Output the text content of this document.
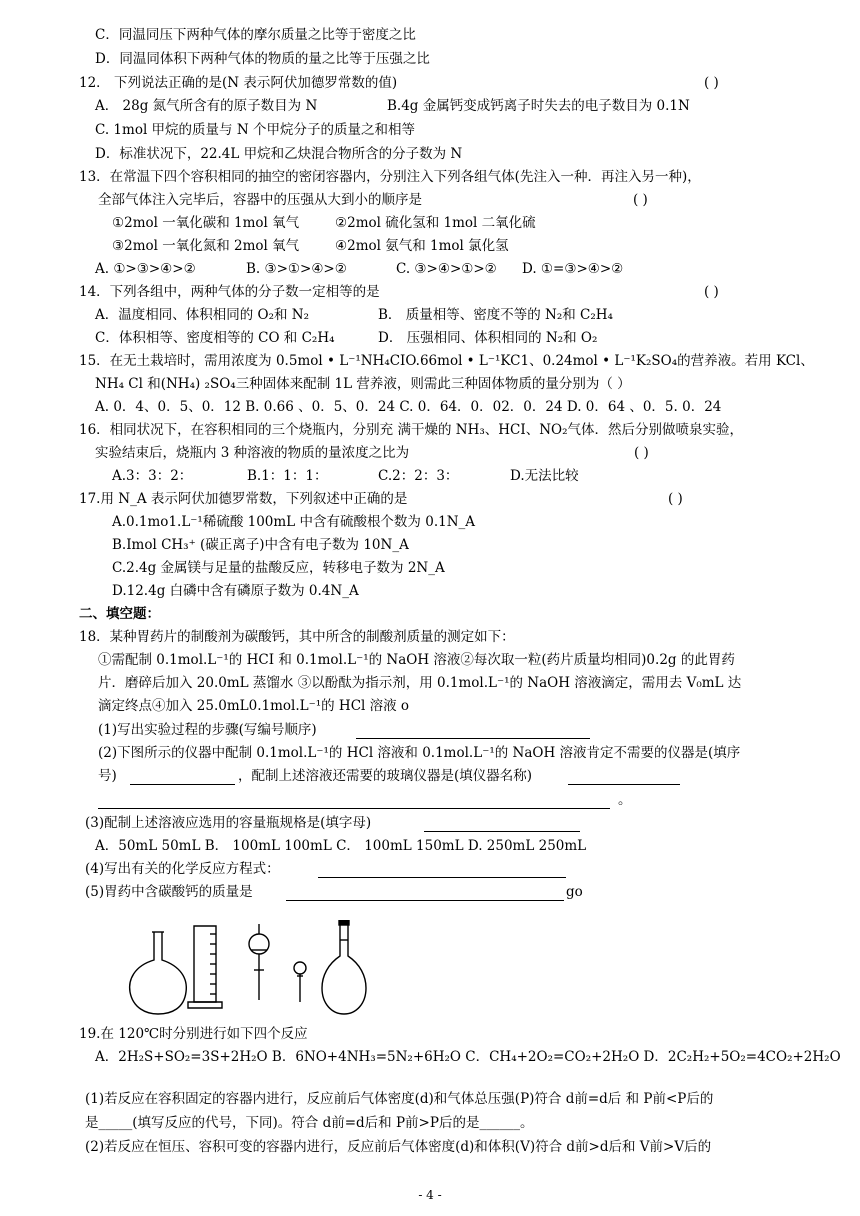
C．同温同压下两种气体的摩尔质量之比等于密度之比
D．同温同体积下两种气体的物质的量之比等于压强之比
12． 下列说法正确的是(N 表示阿伏加德罗常数的值)	( )
A． 28g 氮气所含有的原子数目为 N	B.4g 金属钙变成钙离子时失去的电子数目为 0.1N
C. 1mol 甲烷的质量与 N 个甲烷分子的质量之和相等
D．标准状况下，22.4L 甲烷和乙炔混合物所含的分子数为 N
13．在常温下四个容积相同的抽空的密闭容器内，分别注入下列各组气体(先注入一种．再注入另一种)，
全部气体注入完毕后，容器中的压强从大到小的顺序是	( )
①2mol 一氧化碳和 1mol 氧气	②2mol 硫化氢和 1mol 二氧化硫
③2mol 一氧化氮和 2mol 氧气	④2mol 氨气和 1mol 氯化氢
A. ①>③>④>②	B. ③>①>④>②	C. ③>④>①>② D. ①=③>④>②
14．下列各组中，两种气体的分子数一定相等的是	( )
A．温度相同、体积相同的 O₂和 N₂	B． 质量相等、密度不等的 N₂和 C₂H₄
C．体积相等、密度相等的 CO 和 C₂H₄	D． 压强相同、体积相同的 N₂和 O₂
15．在无土栽培时，需用浓度为 0.5mol • L⁻¹NH₄CIO.66mol • L⁻¹KC1、0.24mol • L⁻¹K₂SO₄的营养液。若用 KCl、
NH₄ Cl 和(NH₄) ₂SO₄三种固体来配制 1L 营养液，则需此三种固体物质的量分别为（ ）
A. 0．4、0．5、0．12 B. 0.66 、0．5、0．24 C. 0．64．0．02．0．24 D. 0．64 、0．5. 0．24
16．相同状况下，在容积相同的三个烧瓶内，分别充 满干燥的 NH₃、HCI、NO₂气体．然后分别做喷泉实验，
实验结束后，烧瓶内 3 种溶液的物质的量浓度之比为	( )
A.3：3：2：	B.1：1：1：	C.2：2：3：	D.无法比较
17.用 N_A 表示阿伏加德罗常数，下列叙述中正确的是	( )
A.0.1mo1.L⁻¹稀硫酸 100mL 中含有硫酸根个数为 0.1N_A
B.Imol CH₃⁺ (碳正离子)中含有电子数为 10N_A
C.2.4g 金属镁与足量的盐酸反应，转移电子数为 2N_A
D.12.4g 白磷中含有磷原子数为 0.4N_A
二、填空题：
18．某种胃药片的制酸剂为碳酸钙，其中所含的制酸剂质量的测定如下：
①需配制 0.1mol.L⁻¹的 HCI 和 0.1mol.L⁻¹的 NaOH 溶液②每次取一粒(药片质量均相同)0.2g 的此胃药
片．磨碎后加入 20.0mL 蒸馏水 ③以酚酞为指示剂，用 0.1mol.L⁻¹的 NaOH 溶液滴定，需用去 V₀mL 达
滴定终点④加入 25.0mL0.1mol.L⁻¹的 HCl 溶液 o
(1)写出实验过程的步骤(写编号顺序)
(2)下图所示的仪器中配制 0.1mol.L⁻¹的 HCl 溶液和 0.1mol.L⁻¹的 NaOH 溶液肯定不需要的仪器是(填序
号)	，配制上述溶液还需要的玻璃仪器是(填仪器名称)
。
(3)配制上述溶液应选用的容量瓶规格是(填字母)
A．50mL 50mL B． 100mL 100mL C． 100mL 150mL D. 250mL 250mL
(4)写出有关的化学反应方程式：
(5)胃药中含碳酸钙的质量是	go
19.在 120℃时分别进行如下四个反应
A．2H₂S+SO₂=3S+2H₂O B．6NO+4NH₃=5N₂+6H₂O C．CH₄+2O₂=CO₂+2H₂O D．2C₂H₂+5O₂=4CO₂+2H₂O
(1)若反应在容积固定的容器内进行，反应前后气体密度(d)和气体总压强(P)符合 d前=d后 和 P前<P后的
是_____(填写反应的代号，下同)。符合 d前=d后和 P前>P后的是______。
(2)若反应在恒压、容积可变的容器内进行，反应前后气体密度(d)和体积(V)符合 d前>d后和 V前>V后的
- 4 -
